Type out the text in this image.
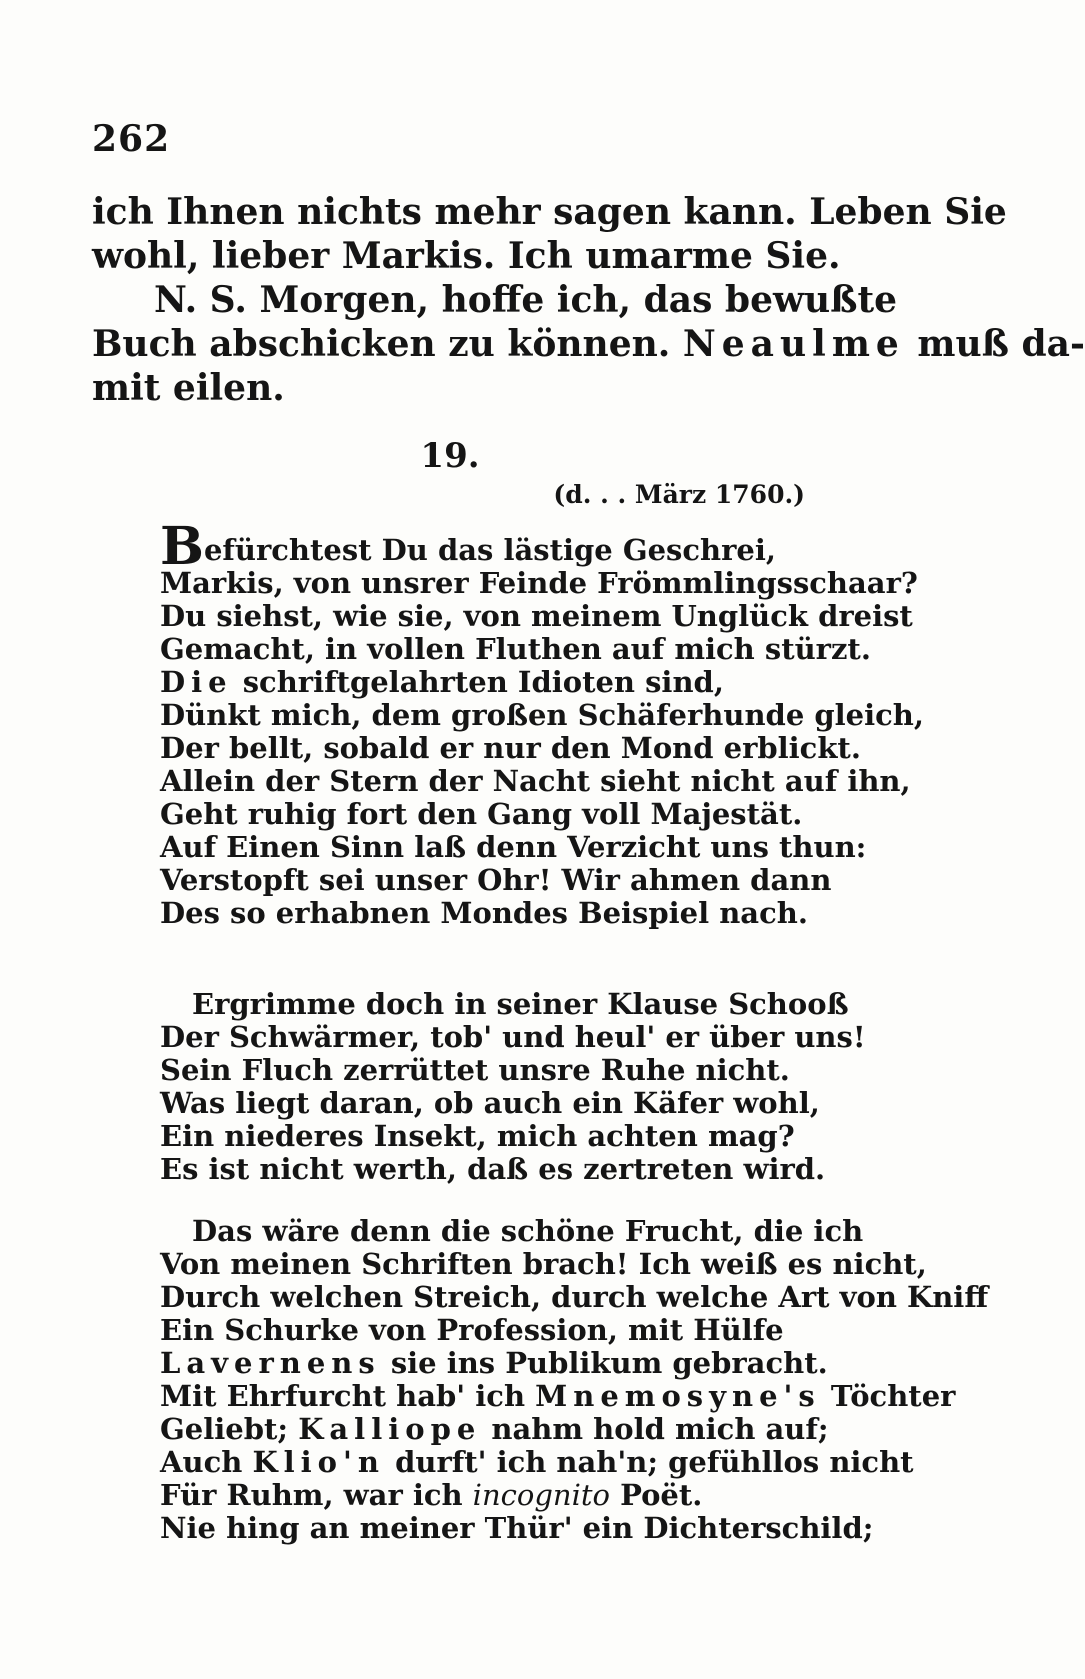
262
ich Ihnen nichts mehr sagen kann. Leben Sie
wohl, lieber Markis. Ich umarme Sie.
N. S. Morgen, hoffe ich, das bewußte
Buch abschicken zu können. Neaulme muß da-
mit eilen.
19.
(d. . . März 1760.)
Befürchtest Du das lästige Geschrei,
Markis, von unsrer Feinde Frömmlingsschaar?
Du siehst, wie sie, von meinem Unglück dreist
Gemacht, in vollen Fluthen auf mich stürzt.
Die schriftgelahrten Idioten sind,
Dünkt mich, dem großen Schäferhunde gleich,
Der bellt, sobald er nur den Mond erblickt.
Allein der Stern der Nacht sieht nicht auf ihn,
Geht ruhig fort den Gang voll Majestät.
Auf Einen Sinn laß denn Verzicht uns thun:
Verstopft sei unser Ohr! Wir ahmen dann
Des so erhabnen Mondes Beispiel nach.
Ergrimme doch in seiner Klause Schooß
Der Schwärmer, tob' und heul' er über uns!
Sein Fluch zerrüttet unsre Ruhe nicht.
Was liegt daran, ob auch ein Käfer wohl,
Ein niederes Insekt, mich achten mag?
Es ist nicht werth, daß es zertreten wird.
Das wäre denn die schöne Frucht, die ich
Von meinen Schriften brach! Ich weiß es nicht,
Durch welchen Streich, durch welche Art von Kniff
Ein Schurke von Profession, mit Hülfe
Lavernens sie ins Publikum gebracht.
Mit Ehrfurcht hab' ich Mnemosyne's Töchter
Geliebt; Kalliope nahm hold mich auf;
Auch Klio'n durft' ich nah'n; gefühllos nicht
Für Ruhm, war ich incognito Poët.
Nie hing an meiner Thür' ein Dichterschild;
